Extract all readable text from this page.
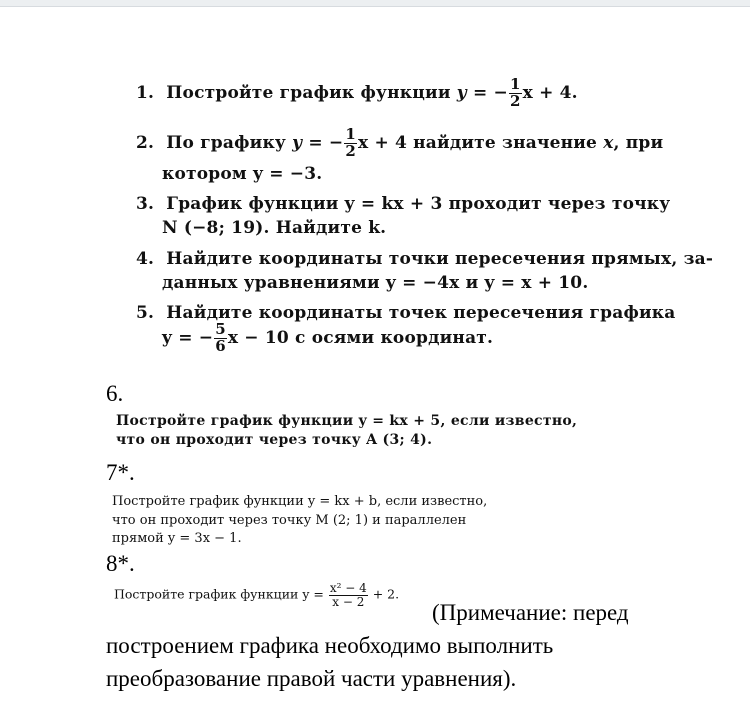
1. Постройте график функции y = − $\frac{1}{2}$ x + 4.
2. По графику y = − $\frac{1}{2}$ x + 4 найдите значение x, при
котором y = −3.
3. График функции y = kx + 3 проходит через точку
N (−8; 19). Найдите k.
4. Найдите координаты точки пересечения прямых, за-
данных уравнениями y = −4x и y = x + 10.
5. Найдите координаты точек пересечения графика
y = − $\frac{5}{6}$ x − 10 с осями координат.
6.
Постройте график функции y = kx + 5, если известно,
что он проходит через точку A (3; 4).
7*.
Постройте график функции y = kx + b, если известно,
что он проходит через точку M (2; 1) и параллелен
прямой y = 3x − 1.
8*.
Постройте график функции $y = \frac{\text{x² − 4}}{x - 2} + 2$.
(Примечание: перед
построением графика необходимо выполнить
преобразование правой части уравнения).
